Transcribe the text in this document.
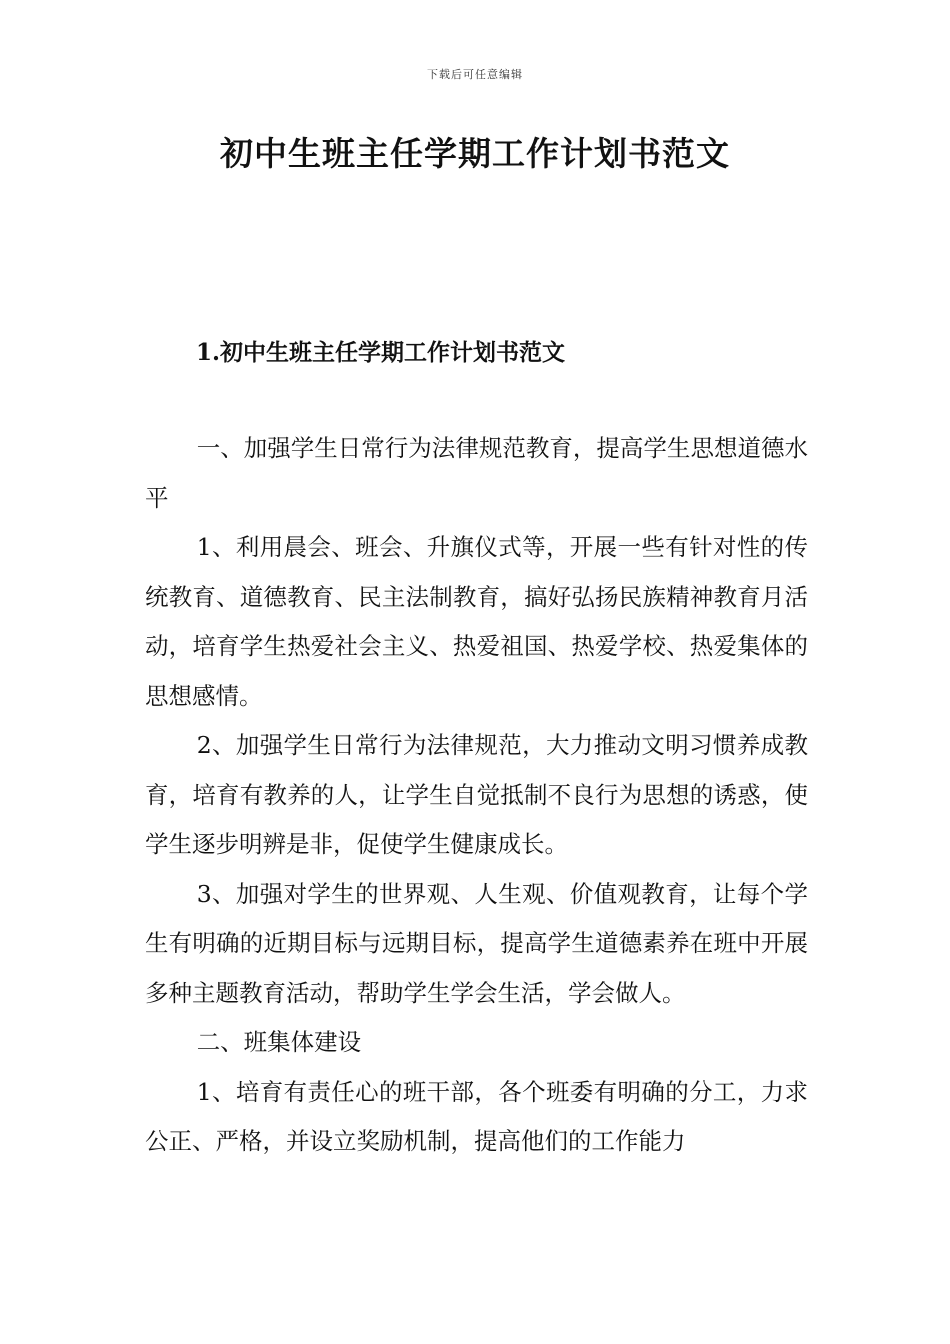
下载后可任意编辑
初中生班主任学期工作计划书范文
1.初中生班主任学期工作计划书范文

一、加强学生日常行为法律规范教育，提高学生思想道德水平

1、利用晨会、班会、升旗仪式等，开展一些有针对性的传统教育、道德教育、民主法制教育，搞好弘扬民族精神教育月活动，培育学生热爱社会主义、热爱祖国、热爱学校、热爱集体的思想感情。

2、加强学生日常行为法律规范，大力推动文明习惯养成教育，培育有教养的人，让学生自觉抵制不良行为思想的诱惑，使学生逐步明辨是非，促使学生健康成长。

3、加强对学生的世界观、人生观、价值观教育，让每个学生有明确的近期目标与远期目标，提高学生道德素养在班中开展多种主题教育活动，帮助学生学会生活，学会做人。

二、班集体建设

1、培育有责任心的班干部，各个班委有明确的分工，力求公正、严格，并设立奖励机制，提高他们的工作能力
